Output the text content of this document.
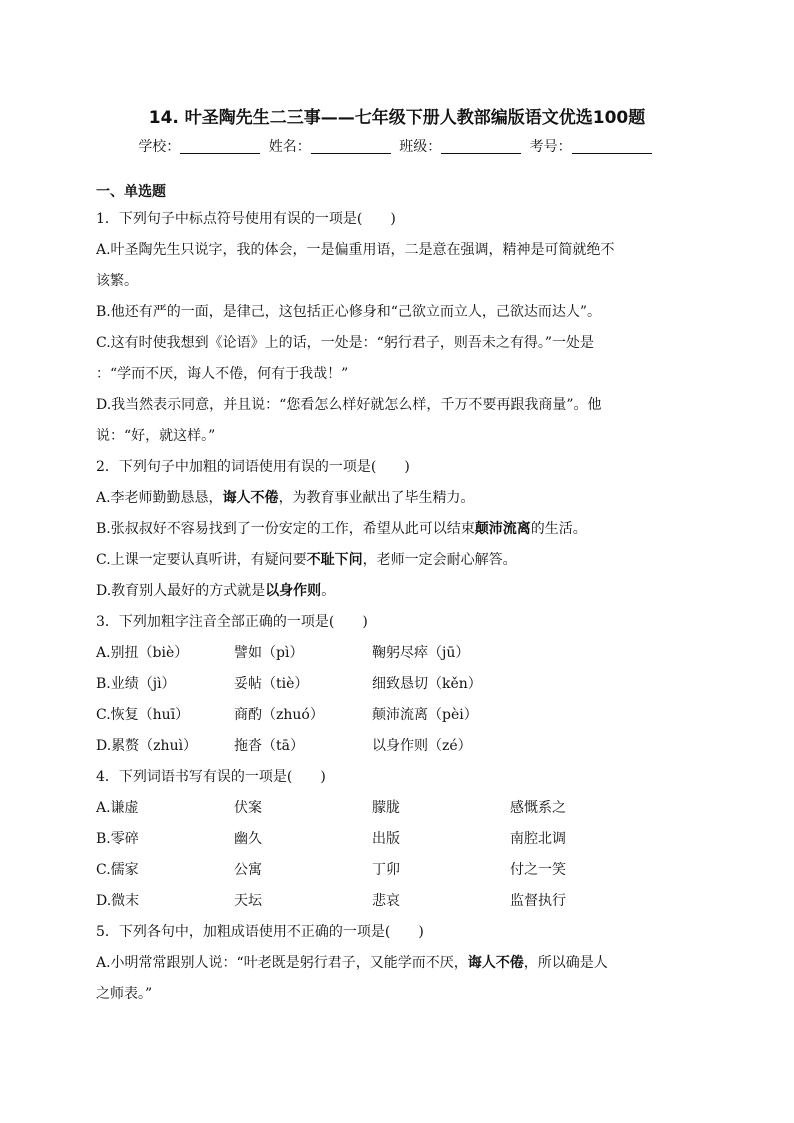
14. 叶圣陶先生二三事——七年级下册人教部编版语文优选100题
学校：	姓名：	班级：	考号：
一、单选题
1．下列句子中标点符号使用有误的一项是(　　)
A.叶圣陶先生只说字，我的体会，一是偏重用语，二是意在强调，精神是可简就绝不
该繁。
B.他还有严的一面，是律己，这包括正心修身和“己欲立而立人，己欲达而达人”。
C.这有时使我想到《论语》上的话，一处是：“躬行君子，则吾未之有得。”一处是
：“学而不厌，诲人不倦，何有于我哉！”
D.我当然表示同意，并且说：“您看怎么样好就怎么样，千万不要再跟我商量”。他
说：“好，就这样。”
2．下列句子中加粗的词语使用有误的一项是(　　)
A.李老师勤勤恳恳，诲人不倦，为教育事业献出了毕生精力。
B.张叔叔好不容易找到了一份安定的工作，希望从此可以结束颠沛流离的生活。
C.上课一定要认真听讲，有疑问要不耻下问，老师一定会耐心解答。
D.教育别人最好的方式就是以身作则。
3．下列加粗字注音全部正确的一项是(　　)
A.别扭（biè）	譬如（pì）	鞠躬尽瘁（jū）
B.业绩（jì）	妥帖（tiè）	细致恳切（kěn）
C.恢复（huī）	商酌（zhuó）	颠沛流离（pèi）
D.累赘（zhuì）	拖沓（tā）	以身作则（zé）
4．下列词语书写有误的一项是(　　)
A.谦虚	伏案	朦胧	感慨系之
B.零碎	幽久	出版	南腔北调
C.儒家	公寓	丁卯	付之一笑
D.微末	天坛	悲哀	监督执行
5．下列各句中，加粗成语使用不正确的一项是(　　)
A.小明常常跟别人说：“叶老既是躬行君子，又能学而不厌，诲人不倦，所以确是人
之师表。”
